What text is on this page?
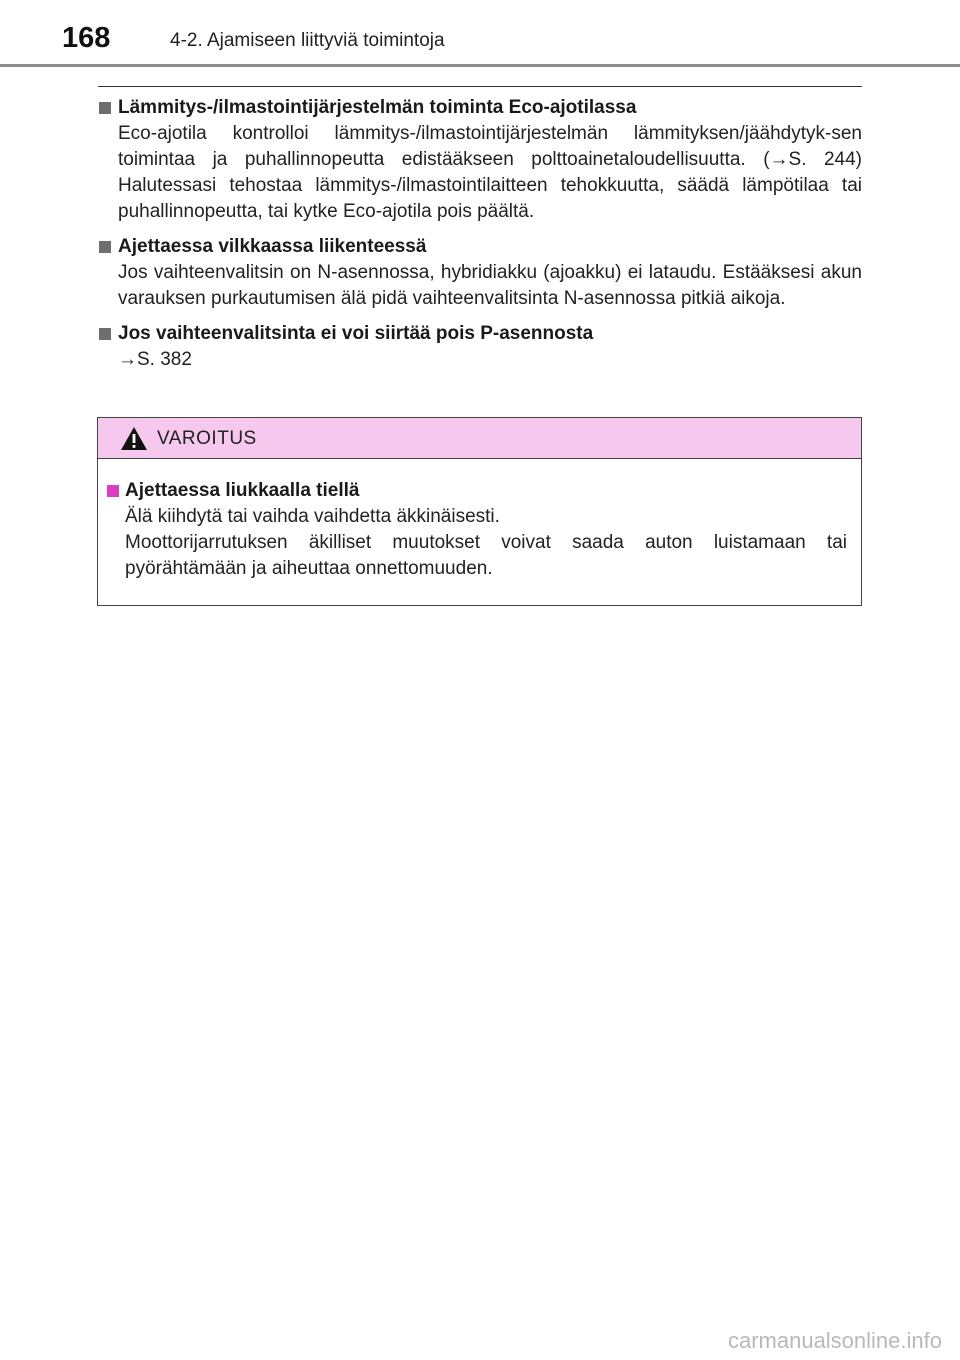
168	4-2. Ajamiseen liittyviä toimintoja
Lämmitys-/ilmastointijärjestelmän toiminta Eco-ajotilassa
Eco-ajotila kontrolloi lämmitys-/ilmastointijärjestelmän lämmityksen/jäähdytyk-sen toimintaa ja puhallinnopeutta edistääkseen polttoainetaloudellisuutta. (→S. 244) Halutessasi tehostaa lämmitys-/ilmastointilaitteen tehokkuutta, säädä lämpötilaa tai puhallinnopeutta, tai kytke Eco-ajotila pois päältä.
Ajettaessa vilkkaassa liikenteessä
Jos vaihteenvalitsin on N-asennossa, hybridiakku (ajoakku) ei lataudu. Estääksesi akun varauksen purkautumisen älä pidä vaihteenvalitsinta N-asennossa pitkiä aikoja.
Jos vaihteenvalitsinta ei voi siirtää pois P-asennosta
→S. 382
VAROITUS
Ajettaessa liukkaalla tiellä
Älä kiihdytä tai vaihda vaihdetta äkkinäisesti.
Moottorijarrutuksen äkilliset muutokset voivat saada auton luistamaan tai pyörähtämään ja aiheuttaa onnettomuuden.
carmanualsonline.info
